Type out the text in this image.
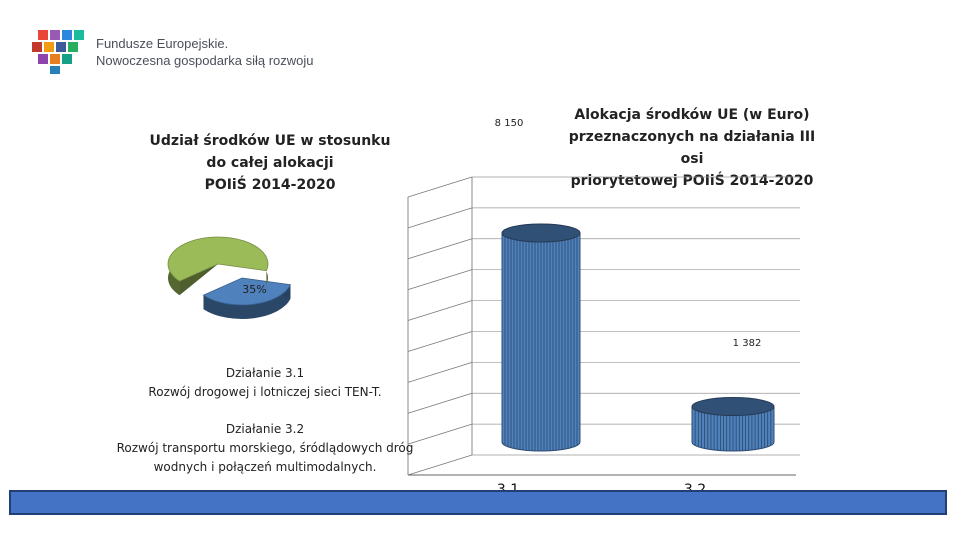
Fundusze Europejskie.
Nowoczesna gospodarka siłą rozwoju
Udział środków UE w stosunku
do całej alokacji
POIiŚ 2014-2020
Alokacja środków UE (w Euro)
przeznaczonych na działania III osi
priorytetowej POIiŚ 2014-2020
35%
8 150
1 382
Działanie 3.1
Rozwój drogowej i lotniczej sieci TEN-T.
Działanie 3.2
Rozwój transportu morskiego, śródlądowych dróg
wodnych i połączeń multimodalnych.
